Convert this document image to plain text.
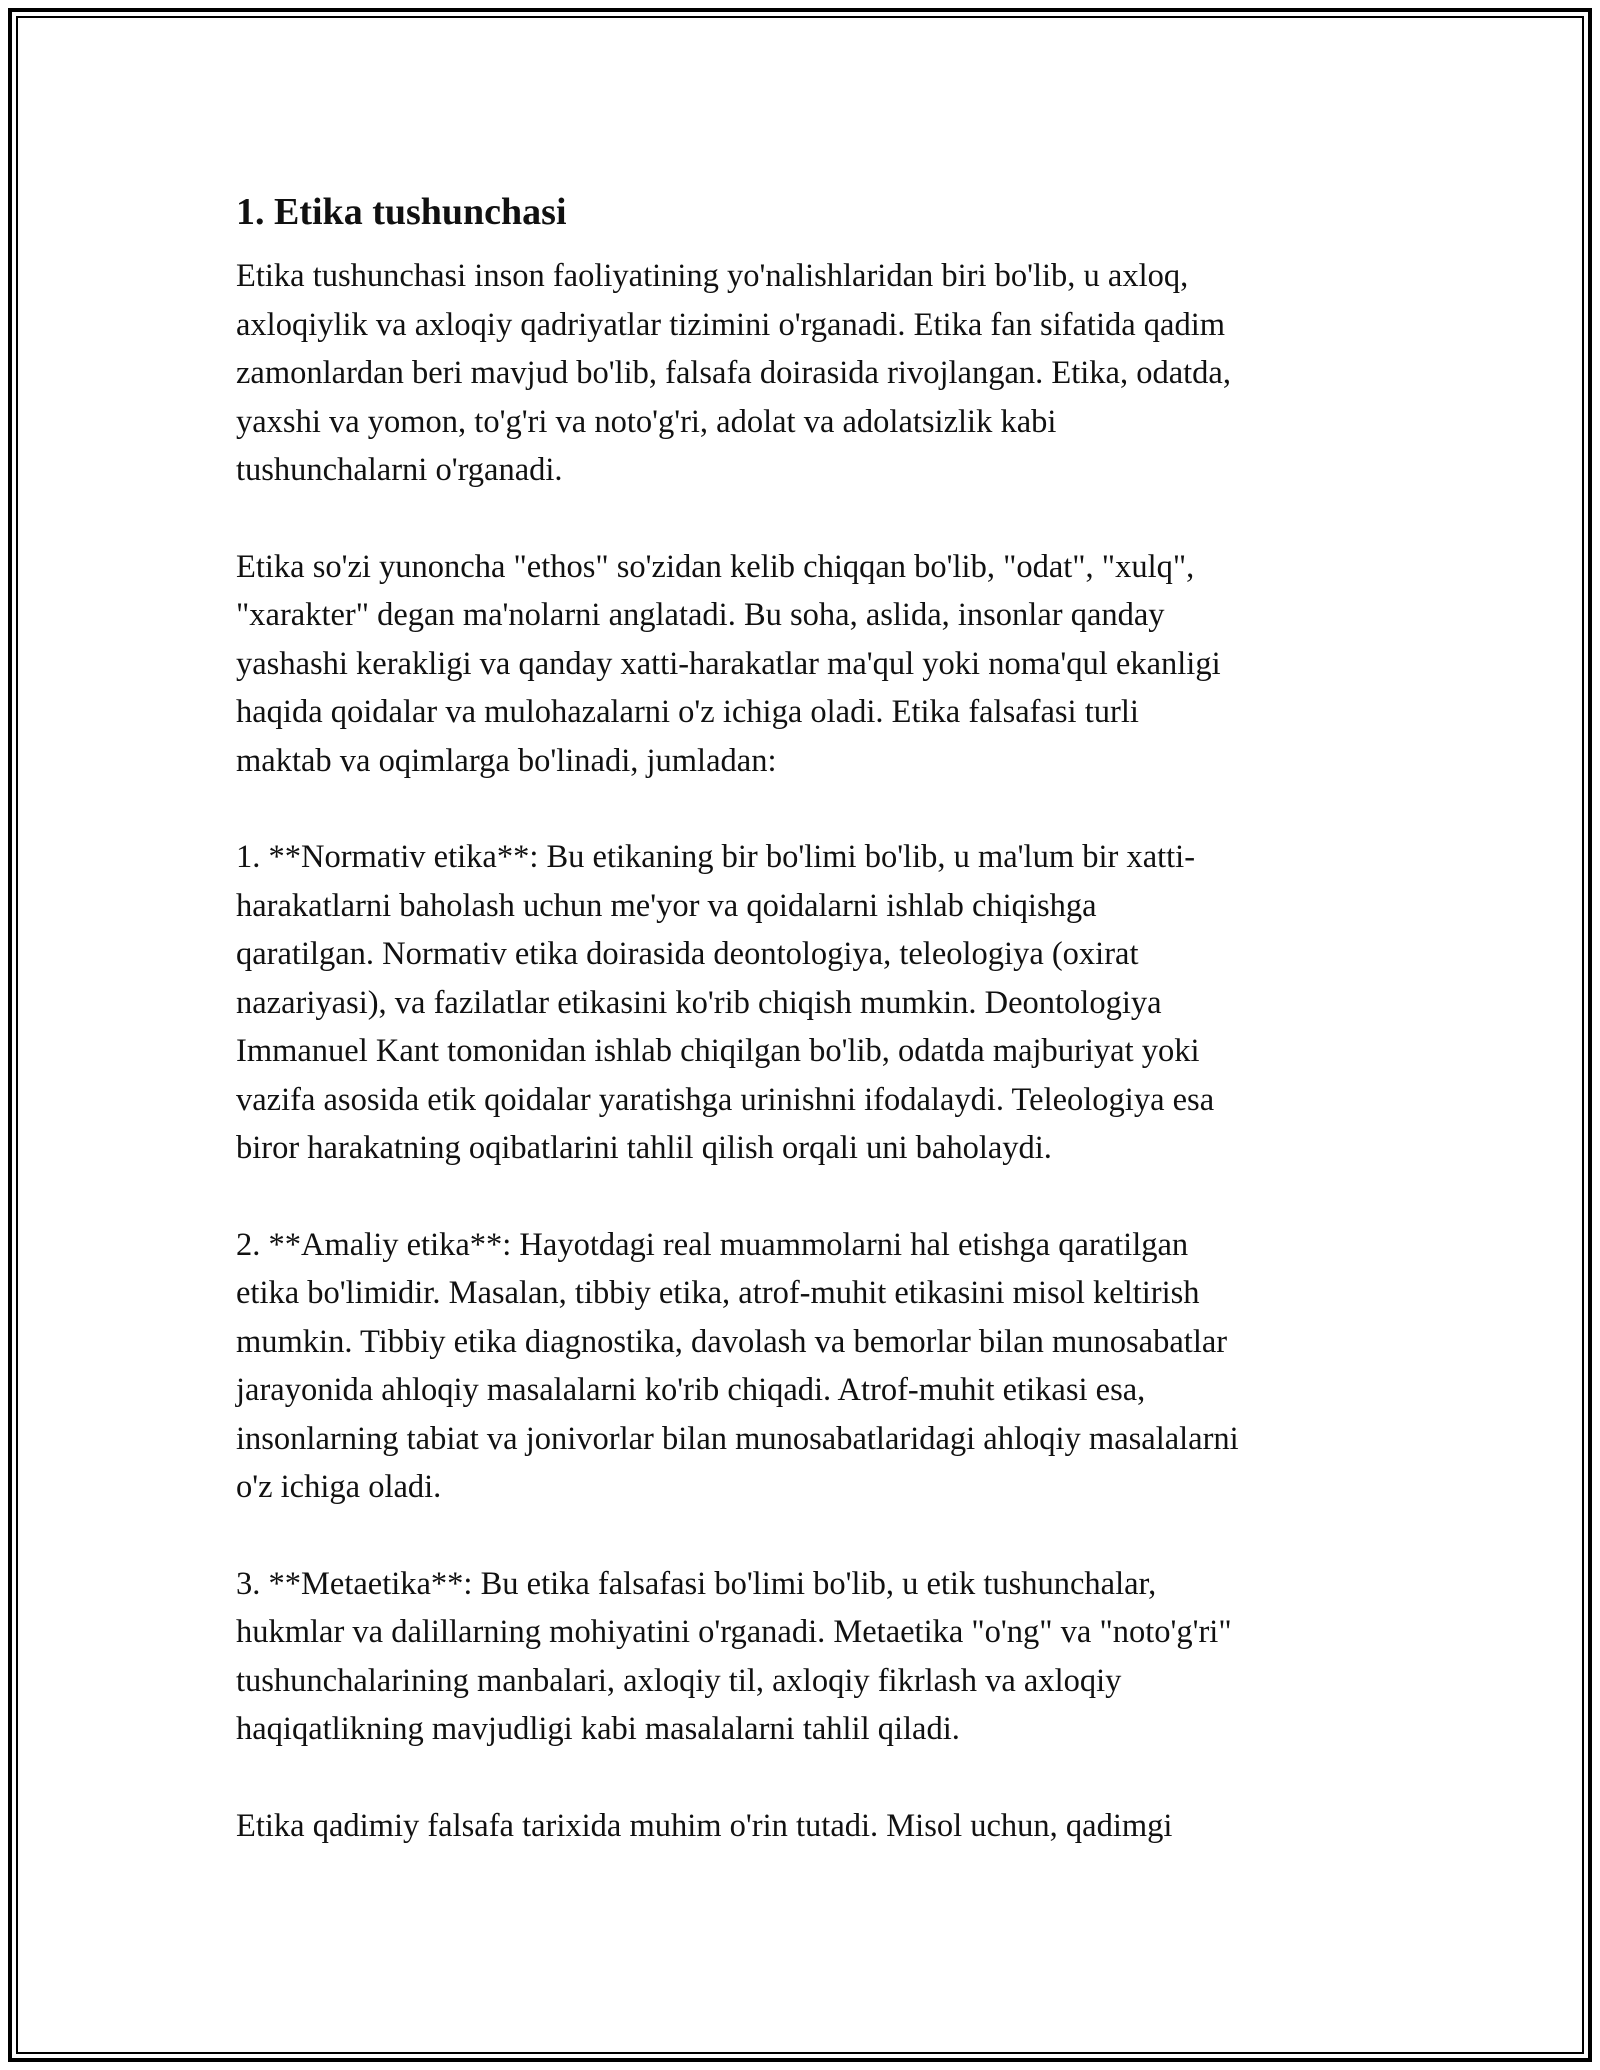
1. Etika tushunchasi
Etika tushunchasi inson faoliyatining yo'nalishlaridan biri bo'lib, u axloq,
axloqiylik va axloqiy qadriyatlar tizimini o'rganadi. Etika fan sifatida qadim
zamonlardan beri mavjud bo'lib, falsafa doirasida rivojlangan. Etika, odatda,
yaxshi va yomon, to'g'ri va noto'g'ri, adolat va adolatsizlik kabi
tushunchalarni o'rganadi.
Etika so'zi yunoncha "ethos" so'zidan kelib chiqqan bo'lib, "odat", "xulq",
"xarakter" degan ma'nolarni anglatadi. Bu soha, aslida, insonlar qanday
yashashi kerakligi va qanday xatti-harakatlar ma'qul yoki noma'qul ekanligi
haqida qoidalar va mulohazalarni o'z ichiga oladi. Etika falsafasi turli
maktab va oqimlarga bo'linadi, jumladan:
1. **Normativ etika**: Bu etikaning bir bo'limi bo'lib, u ma'lum bir xatti-
harakatlarni baholash uchun me'yor va qoidalarni ishlab chiqishga
qaratilgan. Normativ etika doirasida deontologiya, teleologiya (oxirat
nazariyasi), va fazilatlar etikasini ko'rib chiqish mumkin. Deontologiya
Immanuel Kant tomonidan ishlab chiqilgan bo'lib, odatda majburiyat yoki
vazifa asosida etik qoidalar yaratishga urinishni ifodalaydi. Teleologiya esa
biror harakatning oqibatlarini tahlil qilish orqali uni baholaydi.
2. **Amaliy etika**: Hayotdagi real muammolarni hal etishga qaratilgan
etika bo'limidir. Masalan, tibbiy etika, atrof-muhit etikasini misol keltirish
mumkin. Tibbiy etika diagnostika, davolash va bemorlar bilan munosabatlar
jarayonida ahloqiy masalalarni ko'rib chiqadi. Atrof-muhit etikasi esa,
insonlarning tabiat va jonivorlar bilan munosabatlaridagi ahloqiy masalalarni
o'z ichiga oladi.
3. **Metaetika**: Bu etika falsafasi bo'limi bo'lib, u etik tushunchalar,
hukmlar va dalillarning mohiyatini o'rganadi. Metaetika "o'ng" va "noto'g'ri"
tushunchalarining manbalari, axloqiy til, axloqiy fikrlash va axloqiy
haqiqatlikning mavjudligi kabi masalalarni tahlil qiladi.
Etika qadimiy falsafa tarixida muhim o'rin tutadi. Misol uchun, qadimgi
